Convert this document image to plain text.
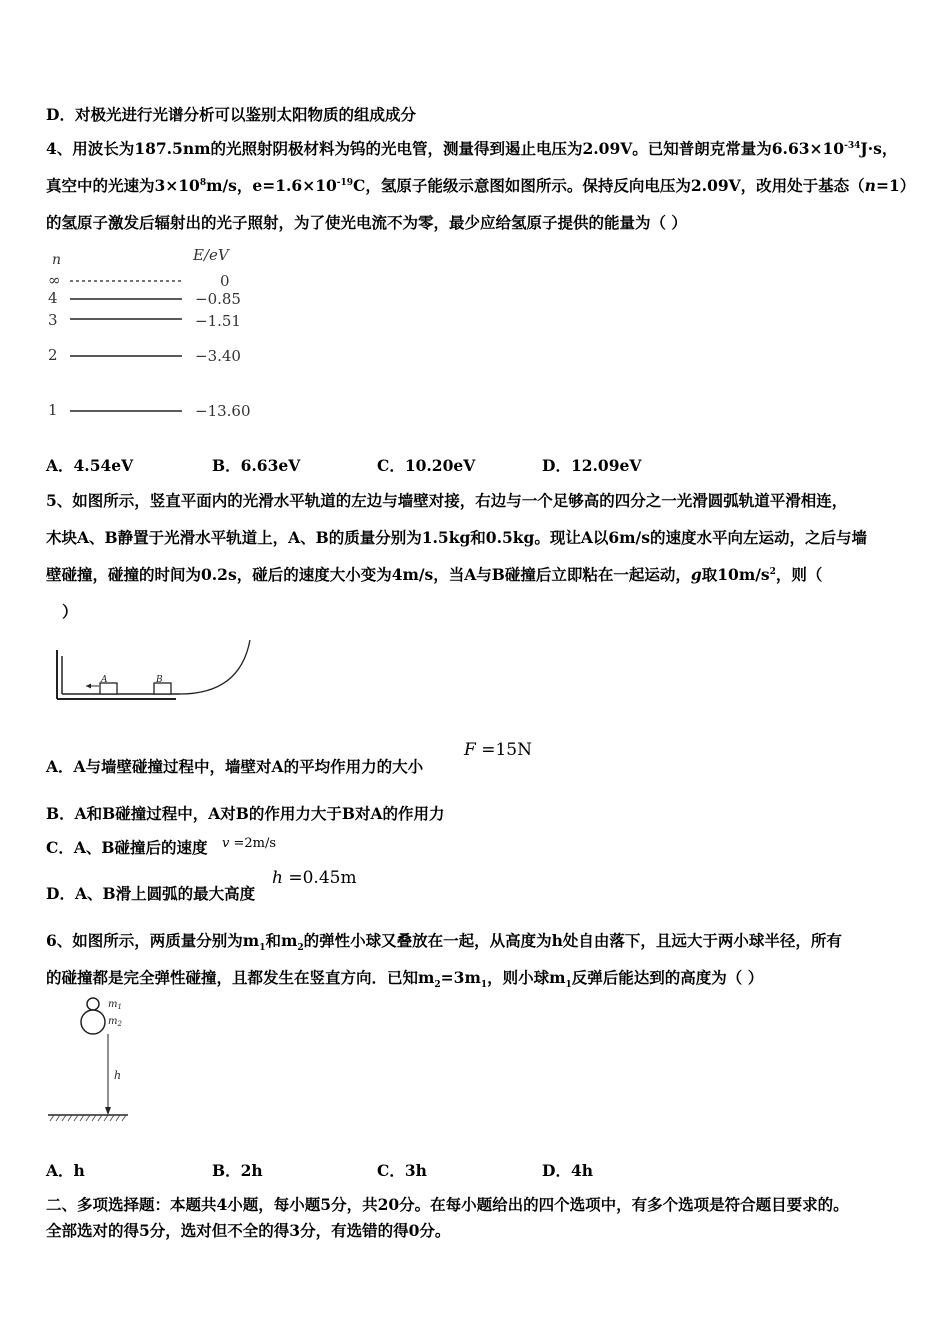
D．对极光进行光谱分析可以鉴别太阳物质的组成成分
4、用波长为187.5nm的光照射阴极材料为钨的光电管，测量得到遏止电压为2.09V。已知普朗克常量为$6.63\times 10^{-34}J\cdot s$，
真空中的光速为$3\times 10^8m/s$，$e=1.6\times 10^{-19}C$，氢原子能级示意图如图所示。保持反向电压为2.09V，改用处于基态（n=1）
的氢原子激发后辐射出的光子照射，为了使光电流不为零，最少应给氢原子提供的能量为（ ）
n	E/eV
∞	0
4	−0.85
3	−1.51
2	−3.40
1	−13.60
A．4.54eV	B．6.63eV	C．10.20eV	D．12.09eV
5、如图所示，竖直平面内的光滑水平轨道的左边与墙壁对接，右边与一个足够高的四分之一光滑圆弧轨道平滑相连，
木块A、B静置于光滑水平轨道上，A、B的质量分别为1.5kg和0.5kg。现让A以6m/s的速度水平向左运动，之后与墙
壁碰撞，碰撞的时间为0.2s，碰后的速度大小变为4m/s，当A与B碰撞后立即粘在一起运动，g取$10m/s^2$，则（
）
A	B
A．A与墙壁碰撞过程中，墙壁对A的平均作用力的大小
F =15N
B．A和B碰撞过程中，A对B的作用力大于B对A的作用力
C．A、B碰撞后的速度 v =2m/s
D．A、B滑上圆弧的最大高度
h =0.45m
6、如图所示，两质量分别为$m_1$和$m_2$的弹性小球又叠放在一起，从高度为h处自由落下，且远大于两小球半径，所有
的碰撞都是完全弹性碰撞，且都发生在竖直方向．已知$m_2=3m_1$，则小球$m_1$反弹后能达到的高度为（ ）
$m_1$
$m_2$
h
A．h	B．2h	C．3h	D．4h
二、多项选择题：本题共4小题，每小题5分，共20分。在每小题给出的四个选项中，有多个选项是符合题目要求的。
全部选对的得5分，选对但不全的得3分，有选错的得0分。
